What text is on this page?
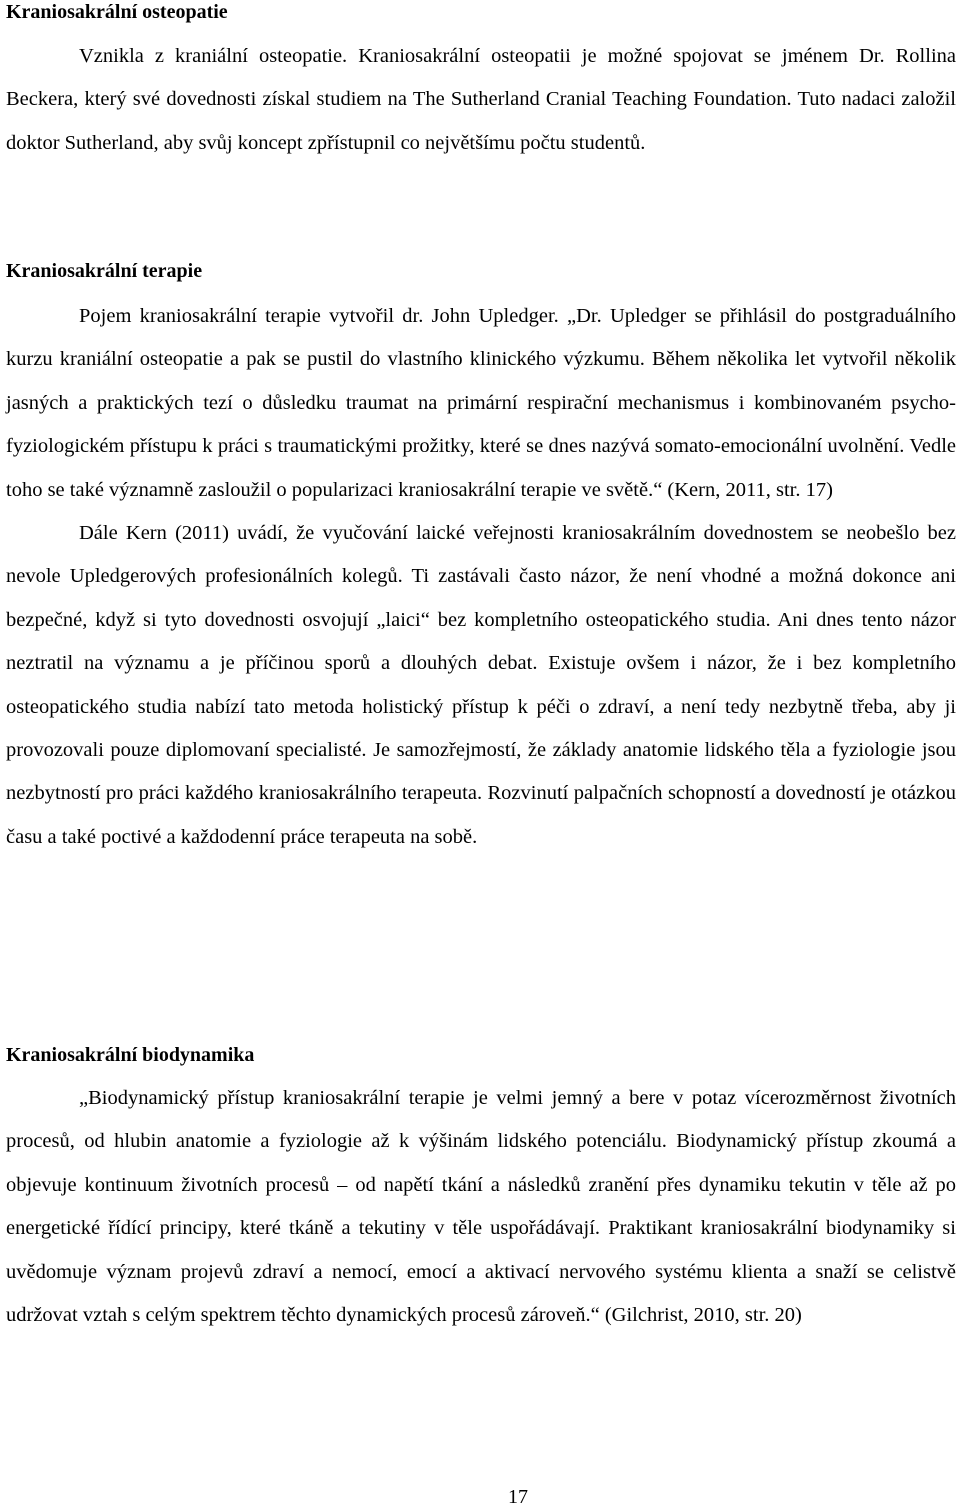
Kraniosakrální osteopatie

Vznikla z kraniální osteopatie. Kraniosakrální osteopatii je možné spojovat se jménem Dr. Rollina Beckera, který své dovednosti získal studiem na The Sutherland Cranial Teaching Foundation. Tuto nadaci založil doktor Sutherland, aby svůj koncept zpřístupnil co největšímu počtu studentů.

Kraniosakrální terapie

Pojem kraniosakrální terapie vytvořil dr. John Upledger. „Dr. Upledger se přihlásil do postgraduálního kurzu kraniální osteopatie a pak se pustil do vlastního klinického výzkumu. Během několika let vytvořil několik jasných a praktických tezí o důsledku traumat na primární respirační mechanismus i kombinovaném psycho-fyziologickém přístupu k práci s traumatickými prožitky, které se dnes nazývá somato-emocionální uvolnění. Vedle toho se také významně zasloužil o popularizaci kraniosakrální terapie ve světě.“ (Kern, 2011, str. 17)

Dále Kern (2011) uvádí, že vyučování laické veřejnosti kraniosakrálním dovednostem se neobešlo bez nevole Upledgerových profesionálních kolegů. Ti zastávali často názor, že není vhodné a možná dokonce ani bezpečné, když si tyto dovednosti osvojují „laici“ bez kompletního osteopatického studia. Ani dnes tento názor neztratil na významu a je příčinou sporů a dlouhých debat. Existuje ovšem i názor, že i bez kompletního osteopatického studia nabízí tato metoda holistický přístup k péči o zdraví, a není tedy nezbytně třeba, aby ji provozovali pouze diplomovaní specialisté. Je samozřejmostí, že základy anatomie lidského těla a fyziologie jsou nezbytností pro práci každého kraniosakrálního terapeuta. Rozvinutí palpačních schopností a dovedností je otázkou času a také poctivé a každodenní práce terapeuta na sobě.

Kraniosakrální biodynamika

„Biodynamický přístup kraniosakrální terapie je velmi jemný a bere v potaz vícerozměrnost životních procesů, od hlubin anatomie a fyziologie až k výšinám lidského potenciálu. Biodynamický přístup zkoumá a objevuje kontinuum životních procesů – od napětí tkání a následků zranění přes dynamiku tekutin v těle až po energetické řídící principy, které tkáně a tekutiny v těle uspořádávají. Praktikant kraniosakrální biodynamiky si uvědomuje význam projevů zdraví a nemocí, emocí a aktivací nervového systému klienta a snaží se celistvě udržovat vztah s celým spektrem těchto dynamických procesů zároveň.“ (Gilchrist, 2010, str. 20)

17
